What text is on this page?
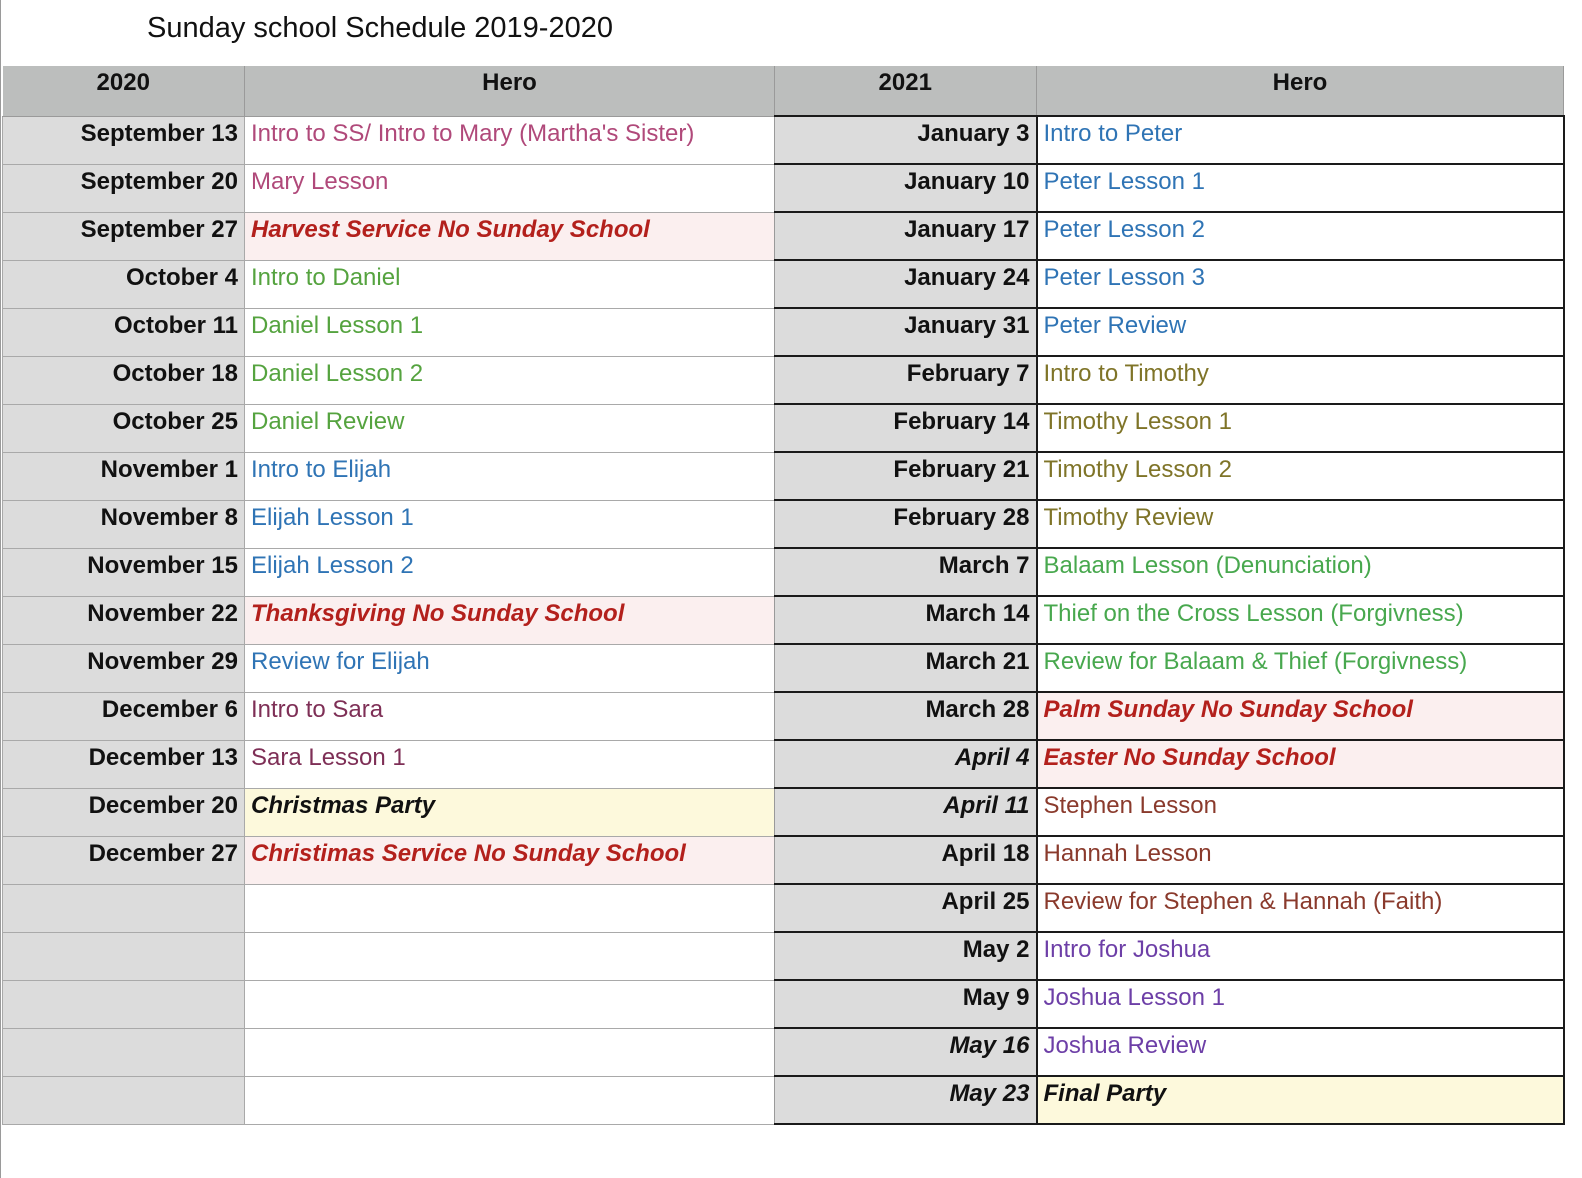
Sunday school Schedule 2019-2020
2020	Hero
September 13	Intro to SS/ Intro to Mary (Martha's Sister)
September 20	Mary Lesson
September 27	Harvest Service No Sunday School
October 4	Intro to Daniel
October 11	Daniel Lesson 1
October 18	Daniel Lesson 2
October 25	Daniel Review
November 1	Intro to Elijah
November 8	Elijah Lesson 1
November 15	Elijah Lesson 2
November 22	Thanksgiving No Sunday School
November 29	Review for Elijah
December 6	Intro to Sara
December 13	Sara Lesson 1
December 20	Christmas Party
December 27	Christimas Service No Sunday School

2021	Hero
January 3	Intro to Peter
January 10	Peter Lesson 1
January 17	Peter Lesson 2
January 24	Peter Lesson 3
January 31	Peter Review
February 7	Intro to Timothy
February 14	Timothy Lesson 1
February 21	Timothy Lesson 2
February 28	Timothy Review
March 7	Balaam Lesson (Denunciation)
March 14	Thief on the Cross Lesson (Forgivness)
March 21	Review for Balaam & Thief (Forgivness)
March 28	Palm Sunday No Sunday School
April 4	Easter No Sunday School
April 11	Stephen Lesson
April 18	Hannah Lesson
April 25	Review for Stephen & Hannah (Faith)
May 2	Intro for Joshua
May 9	Joshua Lesson 1
May 16	Joshua Review
May 23	Final Party
